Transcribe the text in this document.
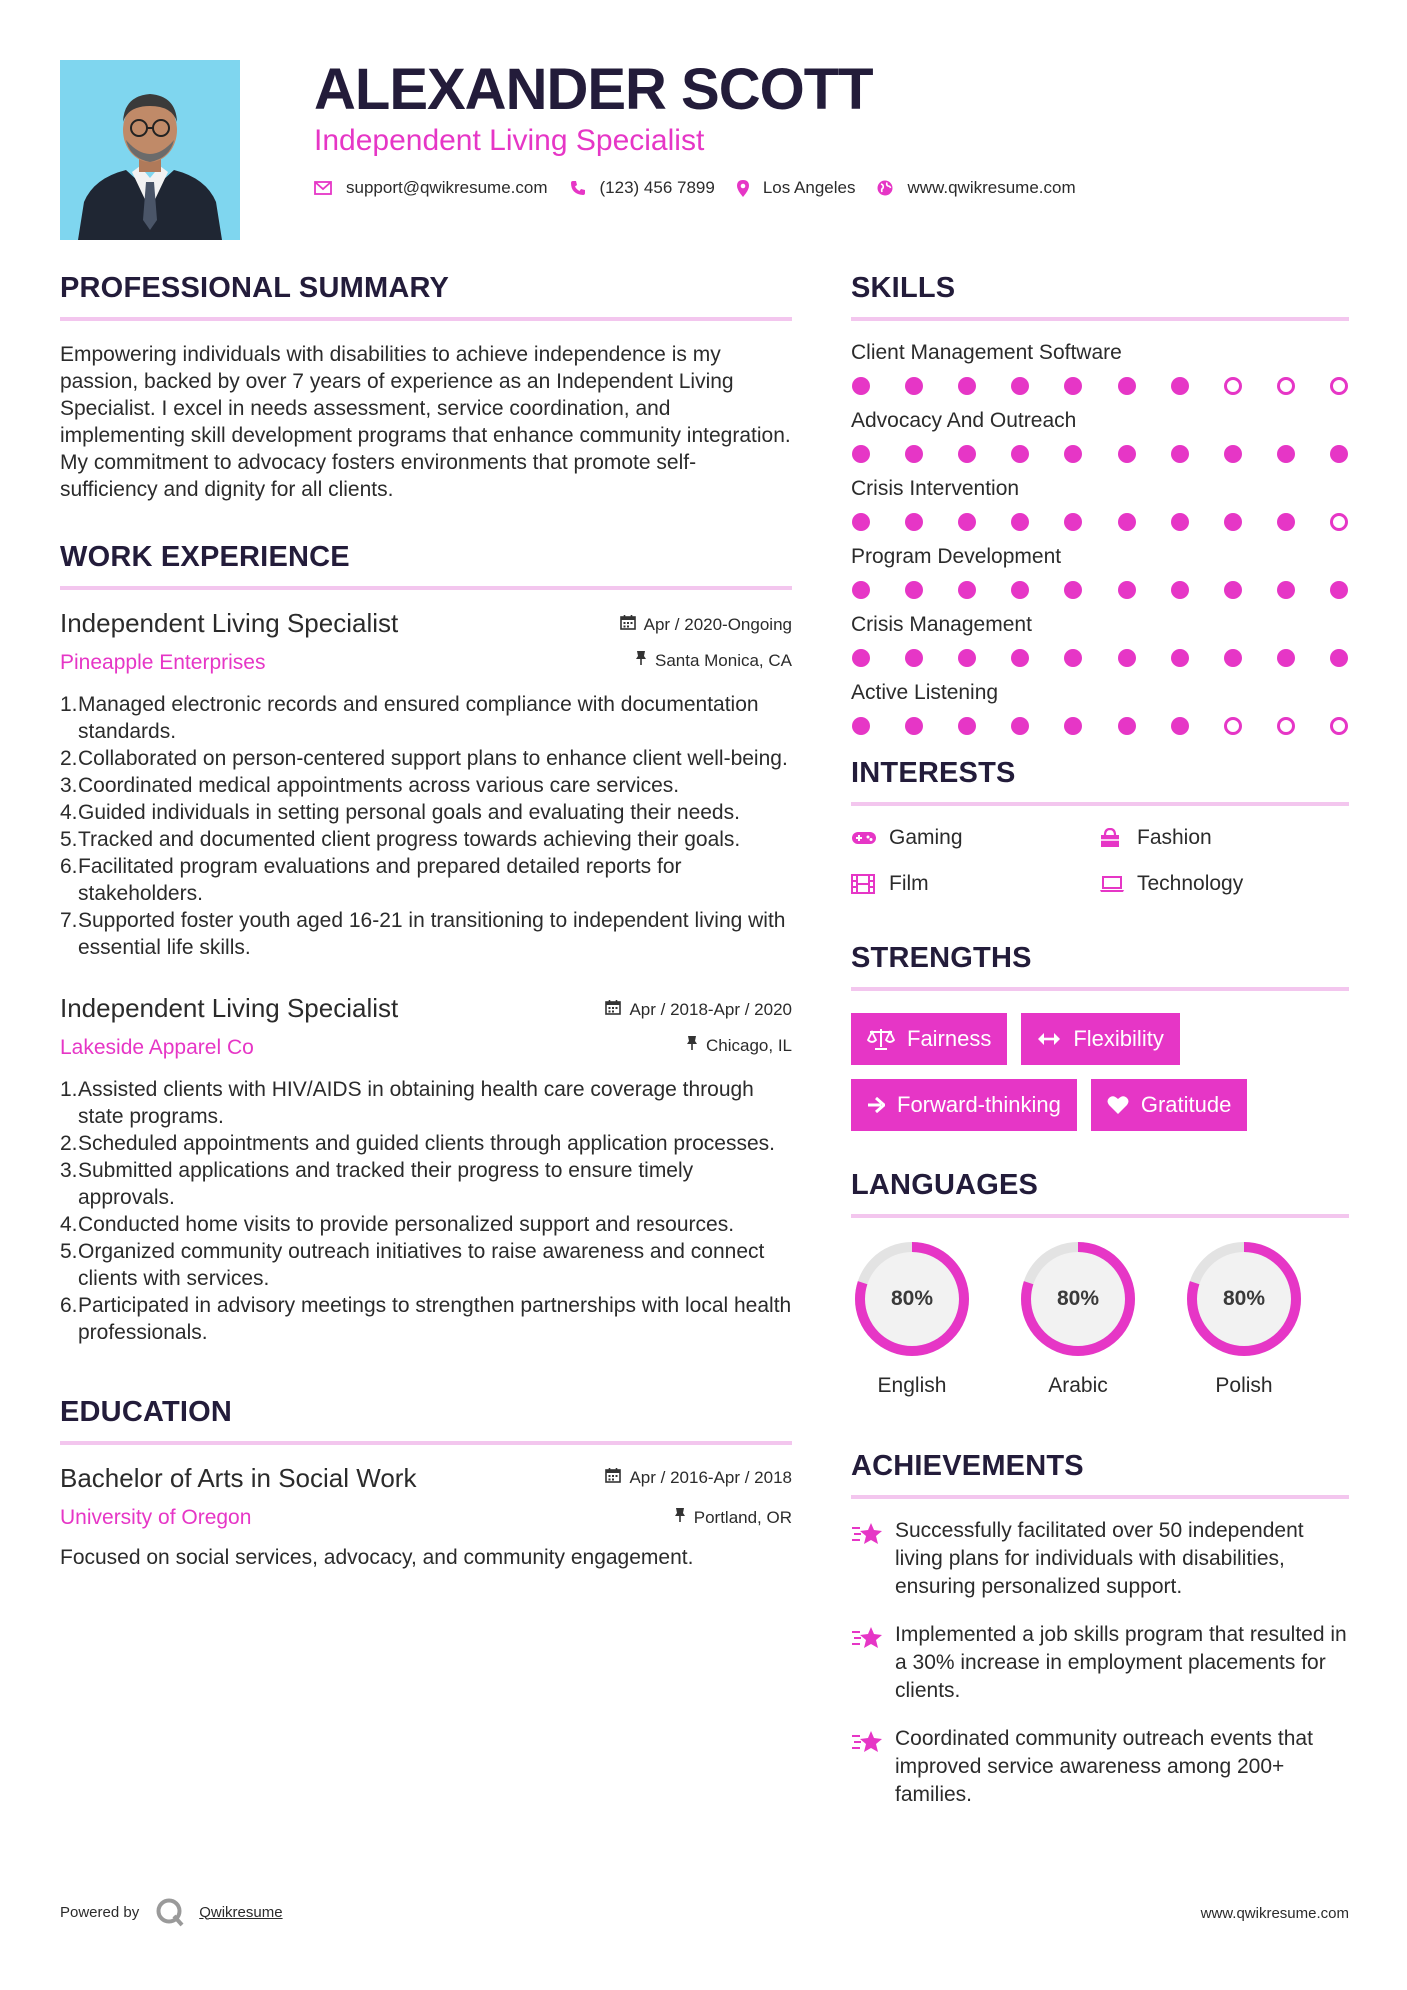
ALEXANDER SCOTT
Independent Living Specialist
support@qwikresume.com	(123) 456 7899	Los Angeles	www.qwikresume.com
PROFESSIONAL SUMMARY

Empowering individuals with disabilities to achieve independence is my passion, backed by over 7 years of experience as an Independent Living Specialist. I excel in needs assessment, service coordination, and implementing skill development programs that enhance community integration. My commitment to advocacy fosters environments that promote self-sufficiency and dignity for all clients.

WORK EXPERIENCE
Independent Living Specialist	Apr / 2020-Ongoing
Pineapple Enterprises	Santa Monica, CA
1. Managed electronic records and ensured compliance with documentation standards.
2. Collaborated on person-centered support plans to enhance client well-being.
3. Coordinated medical appointments across various care services.
4. Guided individuals in setting personal goals and evaluating their needs.
5. Tracked and documented client progress towards achieving their goals.
6. Facilitated program evaluations and prepared detailed reports for stakeholders.
7. Supported foster youth aged 16-21 in transitioning to independent living with essential life skills.
Independent Living Specialist	Apr / 2018-Apr / 2020
Lakeside Apparel Co	Chicago, IL
1. Assisted clients with HIV/AIDS in obtaining health care coverage through state programs.
2. Scheduled appointments and guided clients through application processes.
3. Submitted applications and tracked their progress to ensure timely approvals.
4. Conducted home visits to provide personalized support and resources.
5. Organized community outreach initiatives to raise awareness and connect clients with services.
6. Participated in advisory meetings to strengthen partnerships with local health professionals.
EDUCATION
Bachelor of Arts in Social Work	Apr / 2016-Apr / 2018
University of Oregon	Portland, OR

Focused on social services, advocacy, and community engagement.

SKILLS
Client Management Software
Advocacy And Outreach
Crisis Intervention
Program Development
Crisis Management
Active Listening
INTERESTS
Gaming	Fashion
Film	Technology
STRENGTHS
Fairness	Flexibility
Forward-thinking	Gratitude
LANGUAGES
80%
English
80%
Arabic
80%
Polish
ACHIEVEMENTS
Successfully facilitated over 50 independent living plans for individuals with disabilities, ensuring personalized support.
Implemented a job skills program that resulted in a 30% increase in employment placements for clients.
Coordinated community outreach events that improved service awareness among 200+ families.
Powered by	Qwikresume	www.qwikresume.com
